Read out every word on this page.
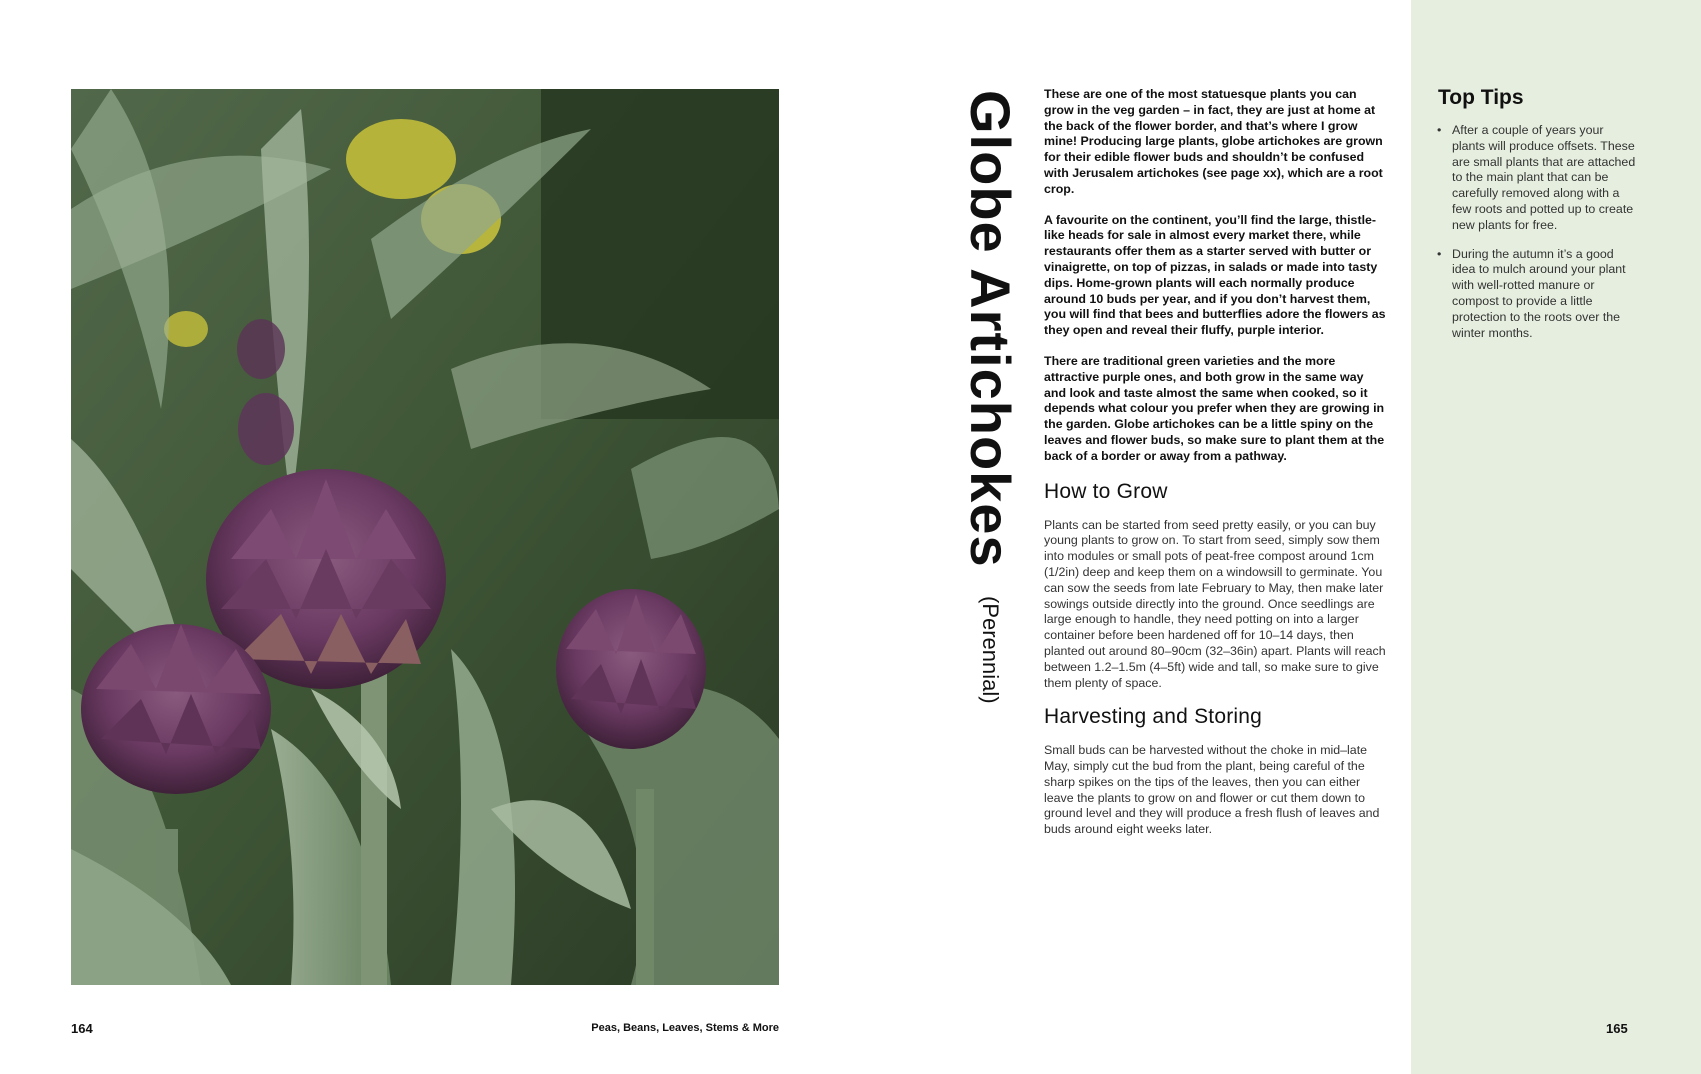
164	Peas, Beans, Leaves, Stems & More
Globe Artichokes (Perennial)

These are one of the most statuesque plants you can grow in the veg garden – in fact, they are just at home at the back of the flower border, and that’s where I grow mine! Producing large plants, globe artichokes are grown for their edible flower buds and shouldn’t be confused with Jerusalem artichokes (see page xx), which are a root crop.

A favourite on the continent, you’ll find the large, thistle-like heads for sale in almost every market there, while restaurants offer them as a starter served with butter or vinaigrette, on top of pizzas, in salads or made into tasty dips. Home-grown plants will each normally produce around 10 buds per year, and if you don’t harvest them, you will find that bees and butterflies adore the flowers as they open and reveal their fluffy, purple interior.

There are traditional green varieties and the more attractive purple ones, and both grow in the same way and look and taste almost the same when cooked, so it depends what colour you prefer when they are growing in the garden. Globe artichokes can be a little spiny on the leaves and flower buds, so make sure to plant them at the back of a border or away from a pathway.

How to Grow

Plants can be started from seed pretty easily, or you can buy young plants to grow on. To start from seed, simply sow them into modules or small pots of peat-free compost around 1cm (1/2in) deep and keep them on a windowsill to germinate. You can sow the seeds from late February to May, then make later sowings outside directly into the ground. Once seedlings are large enough to handle, they need potting on into a larger container before been hardened off for 10–14 days, then planted out around 80–90cm (32–36in) apart. Plants will reach between 1.2–1.5m (4–5ft) wide and tall, so make sure to give them plenty of space.

Harvesting and Storing

Small buds can be harvested without the choke in mid–late May, simply cut the bud from the plant, being careful of the sharp spikes on the tips of the leaves, then you can either leave the plants to grow on and flower or cut them down to ground level and they will produce a fresh flush of leaves and buds around eight weeks later.

Top Tips
• After a couple of years your plants will produce offsets. These are small plants that are attached to the main plant that can be carefully removed along with a few roots and potted up to create new plants for free.
• During the autumn it’s a good idea to mulch around your plant with well-rotted manure or compost to provide a little protection to the roots over the winter months.
165
